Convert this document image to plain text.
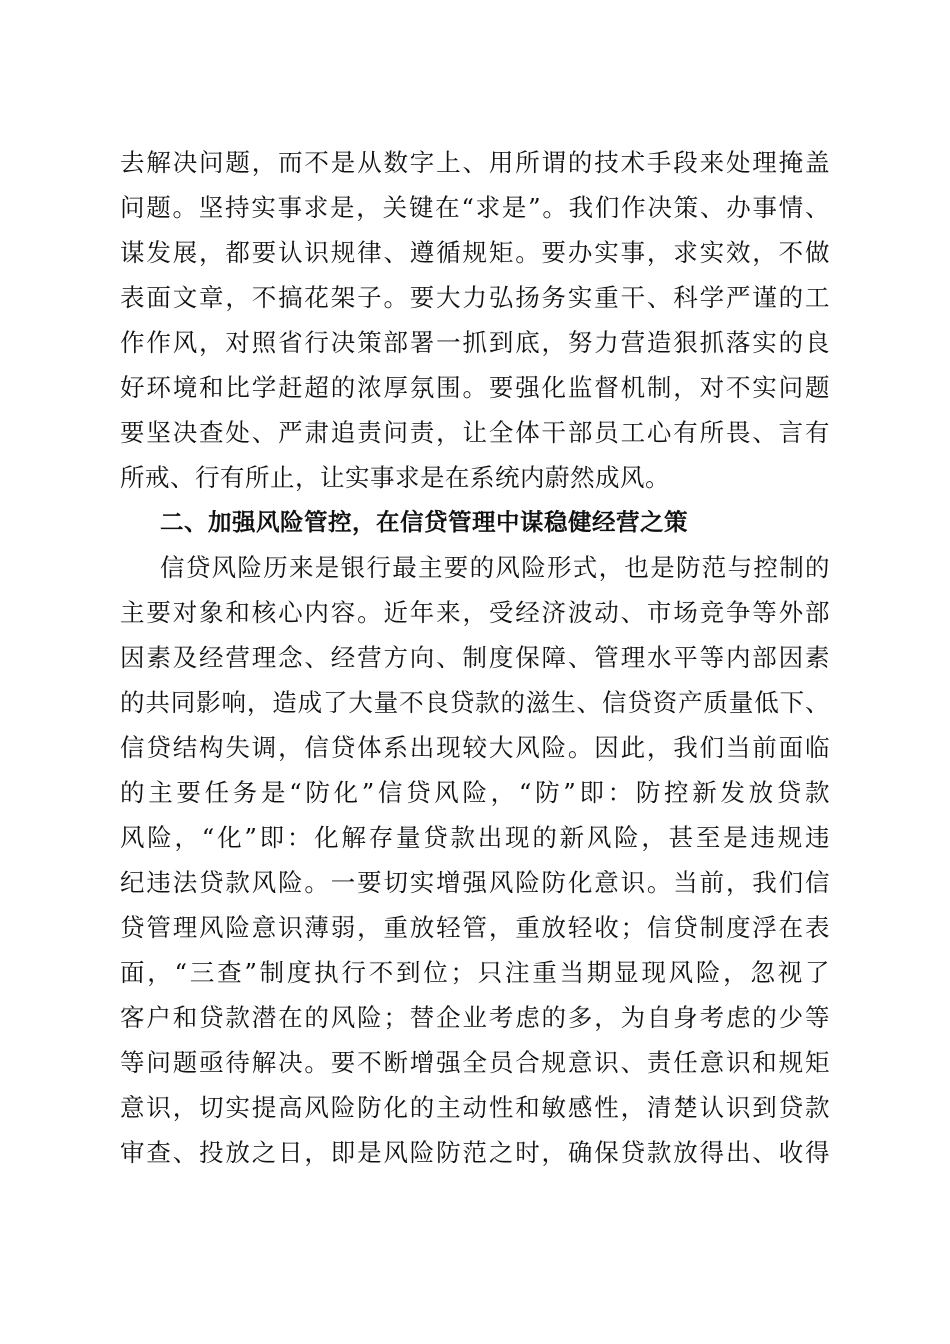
去解决问题，而不是从数字上、用所谓的技术手段来处理掩盖
问题。坚持实事求是，关键在“求是”。我们作决策、办事情、
谋发展，都要认识规律、遵循规矩。要办实事，求实效，不做
表面文章，不搞花架子。要大力弘扬务实重干、科学严谨的工
作作风，对照省行决策部署一抓到底，努力营造狠抓落实的良
好环境和比学赶超的浓厚氛围。要强化监督机制，对不实问题
要坚决查处、严肃追责问责，让全体干部员工心有所畏、言有
所戒、行有所止，让实事求是在系统内蔚然成风。
二、加强风险管控，在信贷管理中谋稳健经营之策
信贷风险历来是银行最主要的风险形式，也是防范与控制的
主要对象和核心内容。近年来，受经济波动、市场竞争等外部
因素及经营理念、经营方向、制度保障、管理水平等内部因素
的共同影响，造成了大量不良贷款的滋生、信贷资产质量低下、
信贷结构失调，信贷体系出现较大风险。因此，我们当前面临
的主要任务是“防化”信贷风险，“防”即：防控新发放贷款
风险，“化”即：化解存量贷款出现的新风险，甚至是违规违
纪违法贷款风险。一要切实增强风险防化意识。当前，我们信
贷管理风险意识薄弱，重放轻管，重放轻收；信贷制度浮在表
面，“三查”制度执行不到位；只注重当期显现风险，忽视了
客户和贷款潜在的风险；替企业考虑的多，为自身考虑的少等
等问题亟待解决。要不断增强全员合规意识、责任意识和规矩
意识，切实提高风险防化的主动性和敏感性，清楚认识到贷款
审查、投放之日，即是风险防范之时，确保贷款放得出、收得
